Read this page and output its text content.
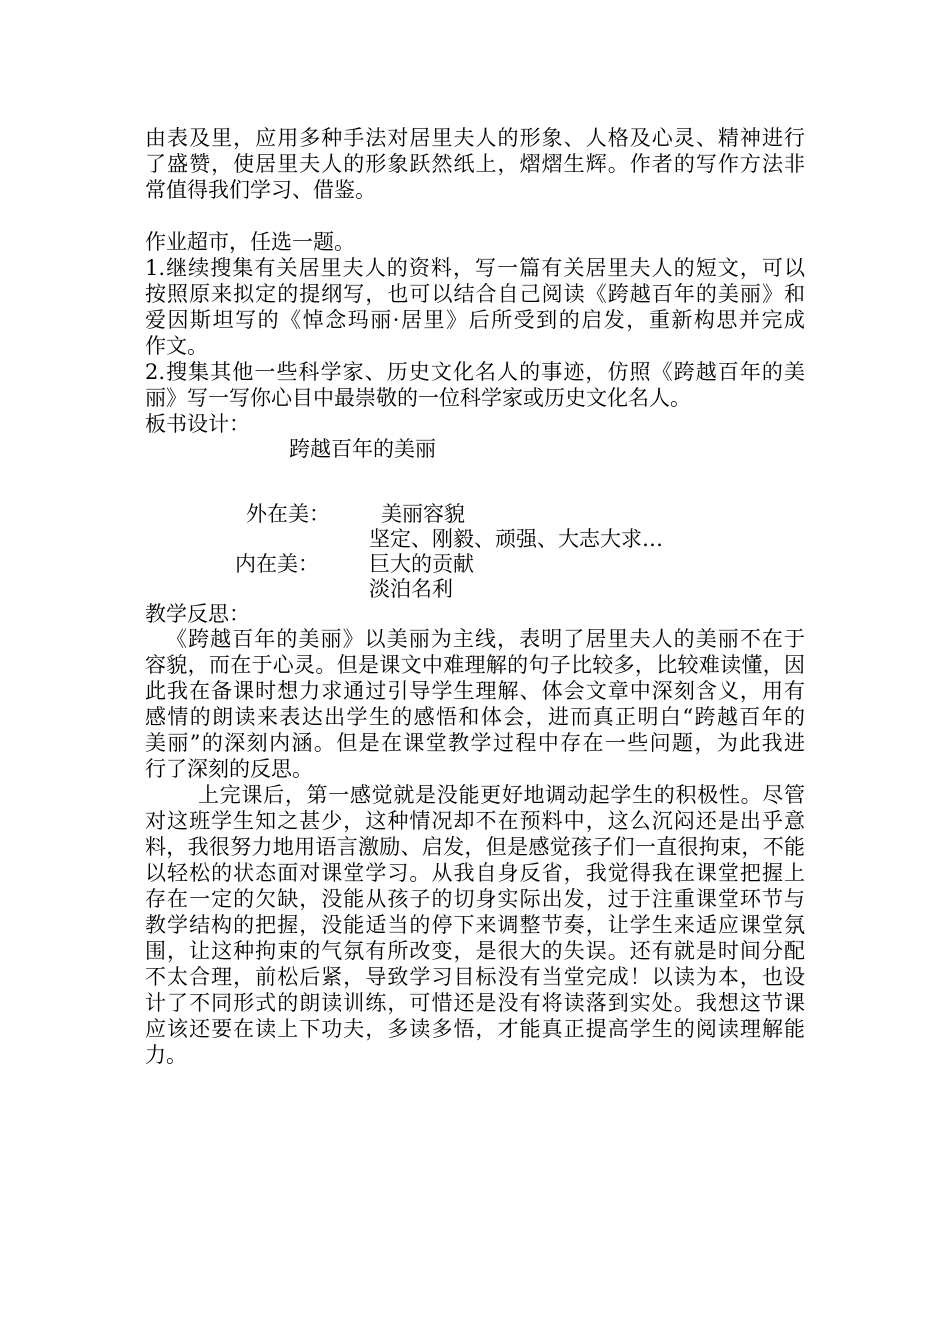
由表及里，应用多种手法对居里夫人的形象、人格及心灵、精神进行
了盛赞，使居里夫人的形象跃然纸上，熠熠生辉。作者的写作方法非
常值得我们学习、借鉴。
作业超市，任选一题。
1.继续搜集有关居里夫人的资料，写一篇有关居里夫人的短文，可以
按照原来拟定的提纲写，也可以结合自己阅读《跨越百年的美丽》和
爱因斯坦写的《悼念玛丽·居里》后所受到的启发，重新构思并完成
作文。
2.搜集其他一些科学家、历史文化名人的事迹，仿照《跨越百年的美
丽》写一写你心目中最崇敬的一位科学家或历史文化名人。
板书设计：
跨越百年的美丽
外在美： 美丽容貌
坚定、刚毅、顽强、大志大求…
内在美： 巨大的贡献
淡泊名利
教学反思：
《跨越百年的美丽》以美丽为主线，表明了居里夫人的美丽不在于
容貌，而在于心灵。但是课文中难理解的句子比较多，比较难读懂，因
此我在备课时想力求通过引导学生理解、体会文章中深刻含义，用有
感情的朗读来表达出学生的感悟和体会，进而真正明白“跨越百年的
美丽”的深刻内涵。但是在课堂教学过程中存在一些问题，为此我进
行了深刻的反思。
上完课后，第一感觉就是没能更好地调动起学生的积极性。尽管
对这班学生知之甚少，这种情况却不在预料中，这么沉闷还是出乎意
料，我很努力地用语言激励、启发，但是感觉孩子们一直很拘束，不能
以轻松的状态面对课堂学习。从我自身反省，我觉得我在课堂把握上
存在一定的欠缺，没能从孩子的切身实际出发，过于注重课堂环节与
教学结构的把握，没能适当的停下来调整节奏，让学生来适应课堂氛
围，让这种拘束的气氛有所改变，是很大的失误。还有就是时间分配
不太合理，前松后紧，导致学习目标没有当堂完成！以读为本，也设
计了不同形式的朗读训练，可惜还是没有将读落到实处。我想这节课
应该还要在读上下功夫，多读多悟，才能真正提高学生的阅读理解能
力。
